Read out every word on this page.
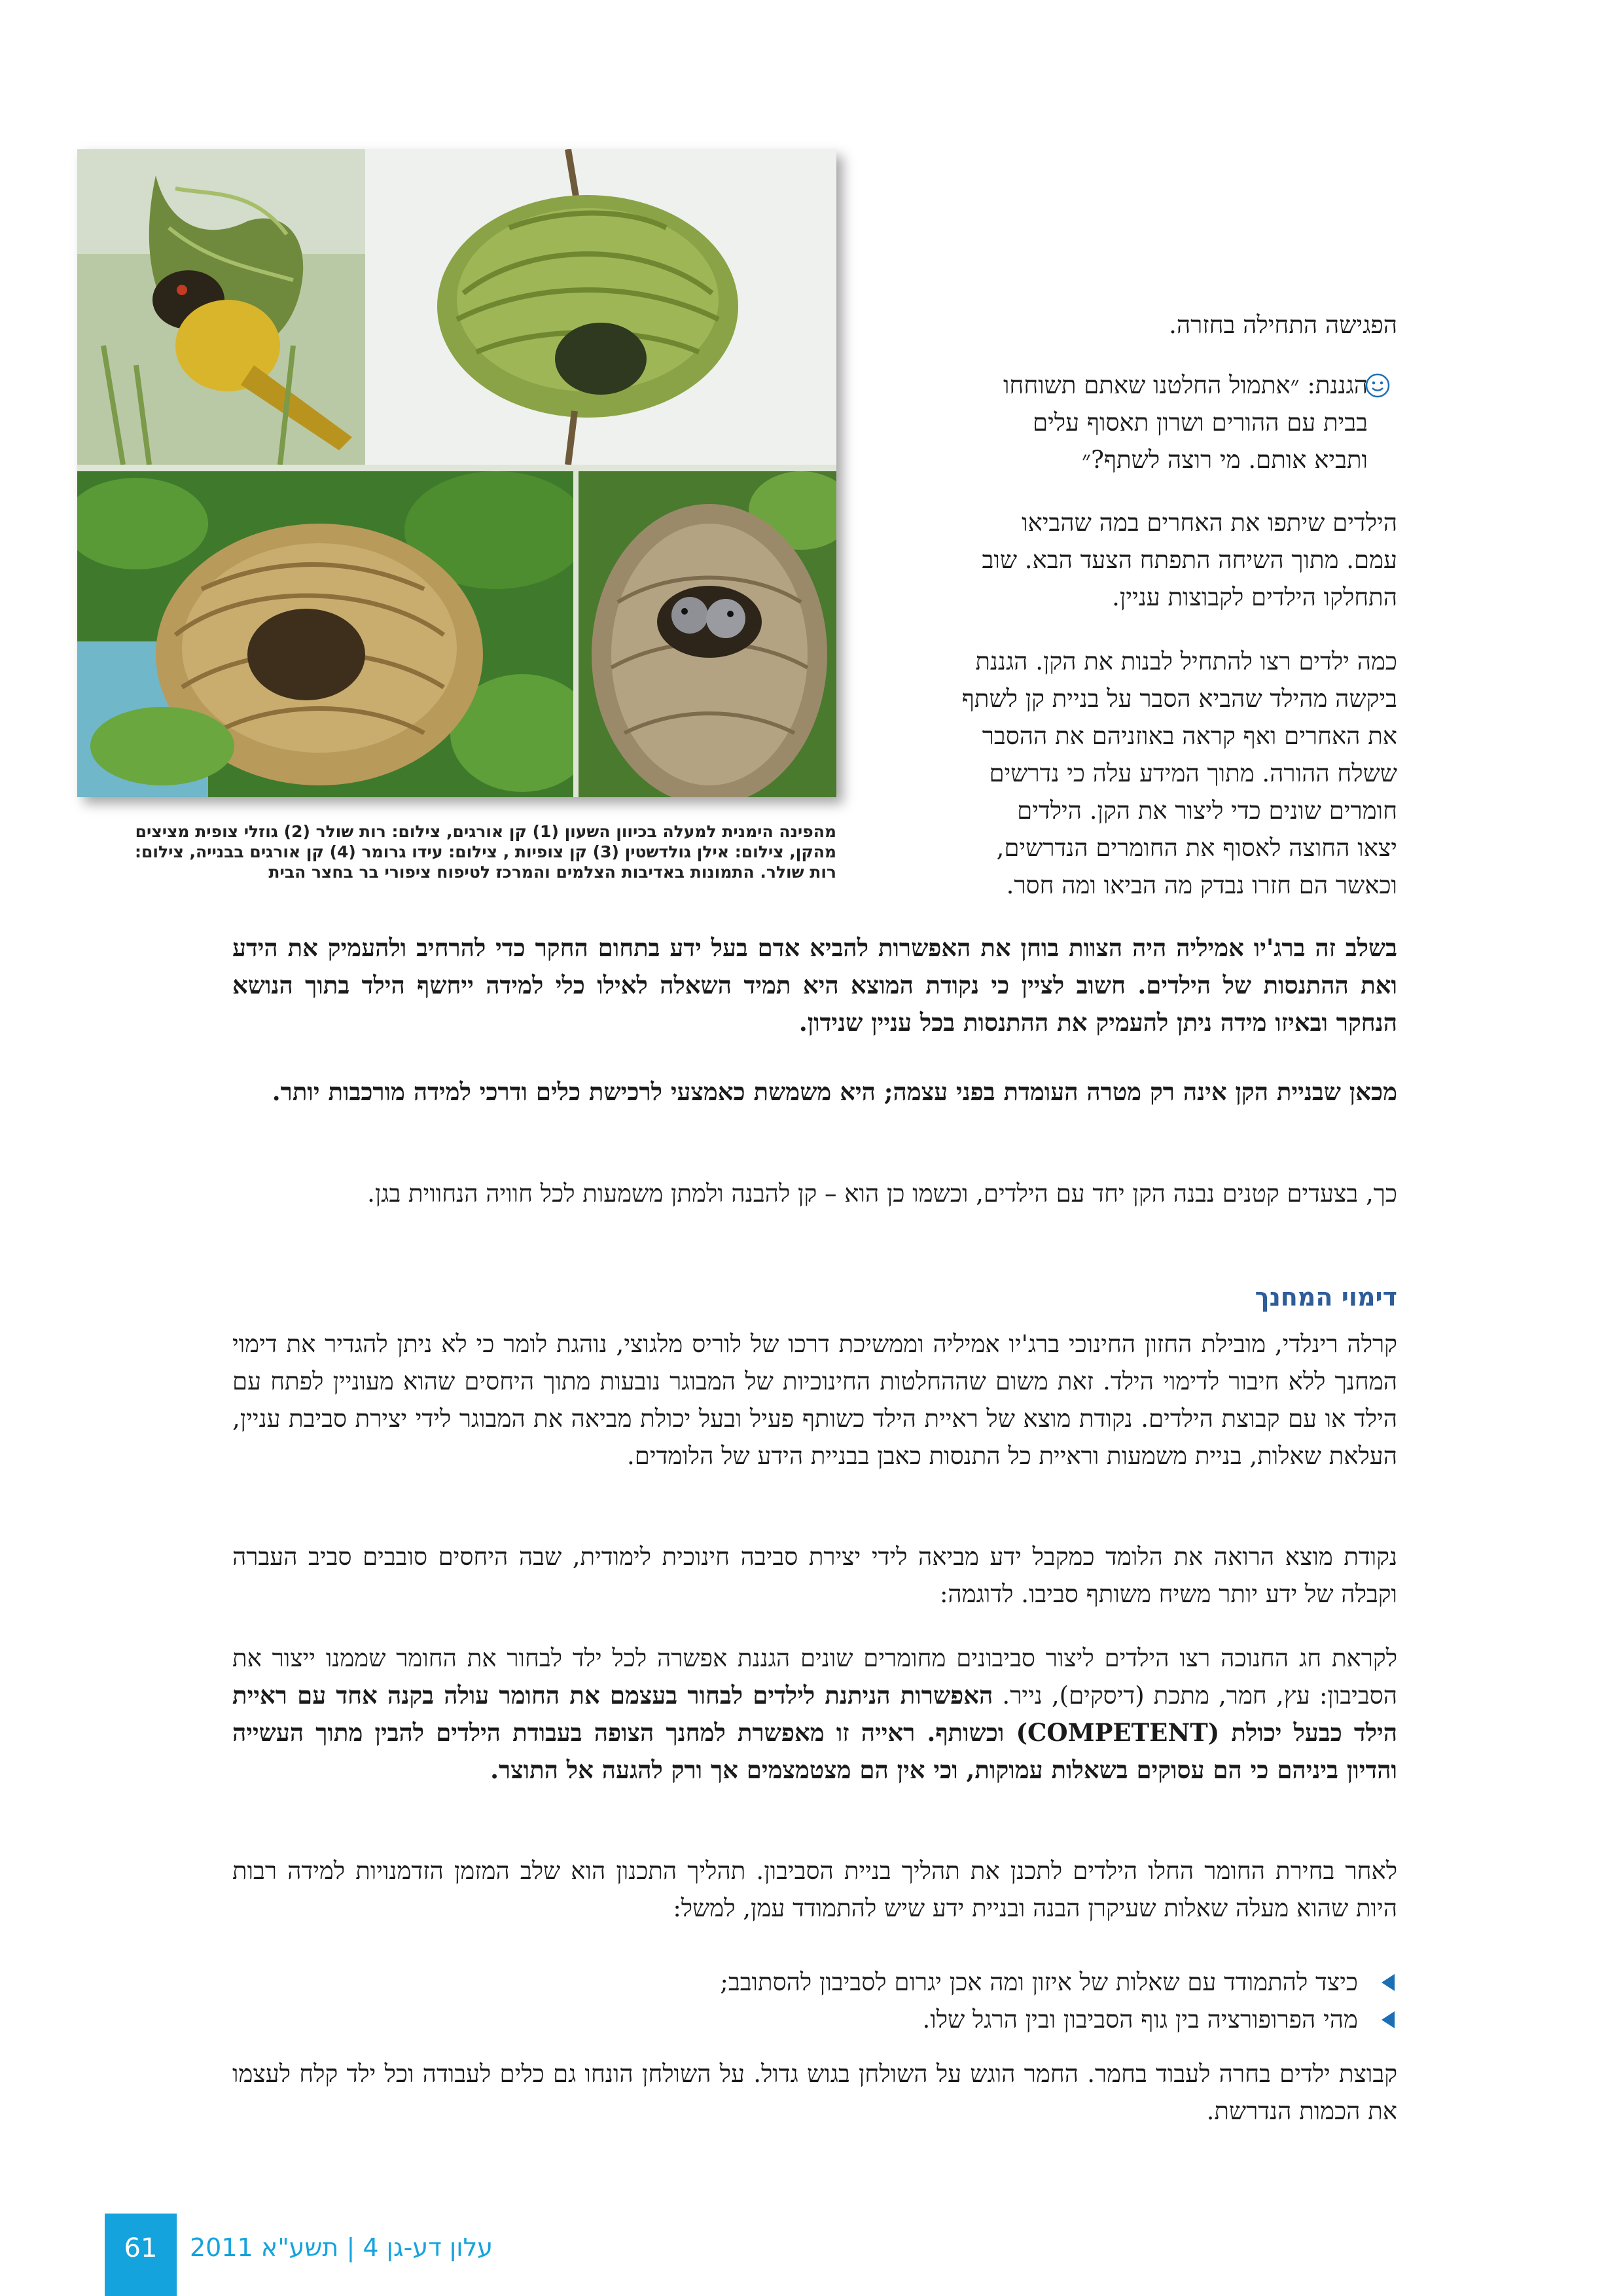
מהפינה הימנית למעלה בכיוון השעון (1) קן אורגים, צילום: רות שולר (2) גוזלי צופית מציצים

מהקן, צילום: אילן גולדשטין (3) קן צופיות , צילום: עידו גרומר (4) קן אורגים בבנייה, צילום:

רות שולר. התמונות באדיבות הצלמים והמרכז לטיפוח ציפורי בר בחצר הבית

הפגישה התחילה בחזרה.

הגננת: ״אתמול החלטנו שאתם תשוחחו

בבית עם ההורים ושרון תאסוף עלים

ותביא אותם. מי רוצה לשתף?״

הילדים שיתפו את האחרים במה שהביאו

עמם. מתוך השיחה התפתח הצעד הבא. שוב

התחלקו הילדים לקבוצות עניין.

כמה ילדים רצו להתחיל לבנות את הקן. הגננת

ביקשה מהילד שהביא הסבר על בניית קן לשתף

את האחרים ואף קראה באוזניהם את ההסבר

ששלח ההורה. מתוך המידע עלה כי נדרשים

חומרים שונים כדי ליצור את הקן. הילדים

יצאו החוצה לאסוף את החומרים הנדרשים,

וכאשר הם חזרו נבדק מה הביאו ומה חסר.

בשלב זה ברג'יו אמיליה היה הצוות בוחן את האפשרות להביא אדם בעל ידע בתחום החקר כדי להרחיב ולהעמיק את הידע ואת ההתנסות של הילדים. חשוב לציין כי נקודת המוצא היא תמיד השאלה לאילו כלי למידה ייחשף הילד בתוך הנושא הנחקר ובאיזו מידה ניתן להעמיק את ההתנסות בכל עניין שנידון.

מכאן שבניית הקן אינה רק מטרה העומדת בפני עצמה; היא משמשת כאמצעי לרכישת כלים ודרכי למידה מורכבות יותר.

כך, בצעדים קטנים נבנה הקן יחד עם הילדים, וכשמו כן הוא – קן להבנה ולמתן משמעות לכל חוויה הנחווית בגן.

דימוי המחנך

קרלה רינלדי, מובילת החזון החינוכי ברג'יו אמיליה וממשיכת דרכו של לוריס מלגוצי, נוהגת לומר כי לא ניתן להגדיר את דימוי המחנך ללא חיבור לדימוי הילד. זאת משום שההחלטות החינוכיות של המבוגר נובעות מתוך היחסים שהוא מעוניין לפתח עם הילד או עם קבוצת הילדים. נקודת מוצא של ראיית הילד כשותף פעיל ובעל יכולת מביאה את המבוגר לידי יצירת סביבת עניין, העלאת שאלות, בניית משמעות וראיית כל התנסות כאבן בבניית הידע של הלומדים.

נקודת מוצא הרואה את הלומד כמקבל ידע מביאה לידי יצירת סביבה חינוכית לימודית, שבה היחסים סובבים סביב העברה וקבלה של ידע יותר משיח משותף סביבו. לדוגמה:

לקראת חג החנוכה רצו הילדים ליצור סביבונים מחומרים שונים הגננת אפשרה לכל ילד לבחור את החומר שממנו ייצור את הסביבון: עץ, חמר, מתכת (דיסקים), נייר. האפשרות הניתנת לילדים לבחור בעצמם את החומר עולה בקנה אחד עם ראיית הילד כבעל יכולת (COMPETENT) וכשותף. ראייה זו מאפשרת למחנך הצופה בעבודת הילדים להבין מתוך העשייה והדיון ביניהם כי הם עסוקים בשאלות עמוקות, וכי אין הם מצטמצמים אך ורק להגעה אל התוצר.

לאחר בחירת החומר החלו הילדים לתכנן את תהליך בניית הסביבון. תהליך התכנון הוא שלב המזמן הזדמנויות למידה רבות היות שהוא מעלה שאלות שעיקרן הבנה ובניית ידע שיש להתמודד עמן, למשל:

כיצד להתמודד עם שאלות של איזון ומה אכן יגרום לסביבון להסתובב;

מהי הפרופורציה בין גוף הסביבון ובין הרגל שלו.

קבוצת ילדים בחרה לעבוד בחמר. החמר הוגש על השולחן בגוש גדול. על השולחן הונחו גם כלים לעבודה וכל ילד קלח לעצמו את הכמות הנדרשת.

61	עלון דע-גן 4 | תשע"א 2011
